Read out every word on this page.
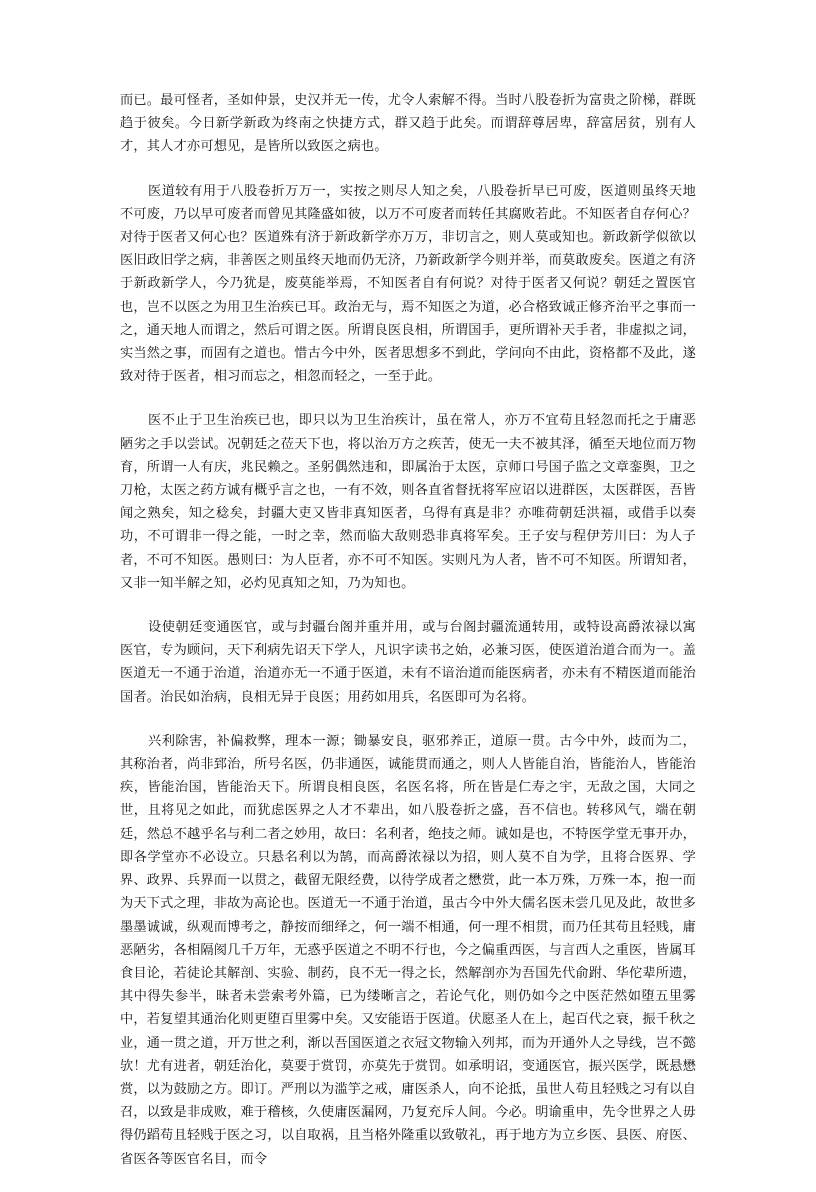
而已。最可怪者，圣如仲景，史汉并无一传，尤令人索解不得。当时八股卷折为富贵之阶梯，群既趋于彼矣。今日新学新政为终南之快捷方式，群又趋于此矣。而谓辞尊居卑，辞富居贫，别有人才，其人才亦可想见，是皆所以致医之病也。

医道较有用于八股卷折万万一，实按之则尽人知之矣，八股卷折早已可废，医道则虽终天地不可废，乃以早可废者而曾见其隆盛如彼，以万不可废者而转任其腐败若此。不知医者自存何心？对待于医者又何心也？医道殊有济于新政新学亦万万，非切言之，则人莫或知也。新政新学似欲以医旧政旧学之病，非善医之则虽终天地而仍无济，乃新政新学今则并举，而莫敢废矣。医道之有济于新政新学人，今乃犹是，废莫能举焉，不知医者自有何说？对待于医者又何说？朝廷之置医官也，岂不以医之为用卫生治疾已耳。政治无与，焉不知医之为道，必合格致诚正修齐治平之事而一之，通天地人而谓之，然后可谓之医。所谓良医良相，所谓国手，更所谓补天手者，非虚拟之词，实当然之事，而固有之道也。惜古今中外，医者思想多不到此，学问向不由此，资格都不及此，遂致对待于医者，相习而忘之，相忽而轻之，一至于此。

医不止于卫生治疾已也，即只以为卫生治疾计，虽在常人，亦万不宜苟且轻忽而托之于庸恶陋劣之手以尝试。况朝廷之莅天下也，将以治万方之疾苦，使无一夫不被其泽，循至天地位而万物育，所谓一人有庆，兆民赖之。圣躬偶然违和，即属治于太医，京师口号国子监之文章銮舆，卫之刀枪，太医之药方诚有概乎言之也，一有不效，则各直省督抚将军应诏以进群医，太医群医，吾皆闻之熟矣，知之稔矣，封疆大吏又皆非真知医者，乌得有真是非？亦唯荷朝廷洪福，或借手以奏功，不可谓非一得之能，一时之幸，然而临大敌则恐非真将军矣。王子安与程伊芳川曰：为人子者，不可不知医。愚则曰：为人臣者，亦不可不知医。实则凡为人者，皆不可不知医。所谓知者，又非一知半解之知，必灼见真知之知，乃为知也。

设使朝廷变通医官，或与封疆台阁并重并用，或与台阁封疆流通转用，或特设高爵浓禄以寓医官，专为顾问，天下利病先诏天下学人，凡识字读书之始，必兼习医，使医道治道合而为一。盖医道无一不通于治道，治道亦无一不通于医道，未有不谙治道而能医病者，亦未有不精医道而能治国者。治民如治病，良相无异于良医；用药如用兵，名医即可为名将。

兴利除害，补偏救弊，理本一源；锄暴安良，驱邪养正，道原一贯。古今中外，歧而为二，其称治者，尚非郅治，所号名医，仍非通医，诚能贯而通之，则人人皆能自治，皆能治人，皆能治疾，皆能治国，皆能治天下。所谓良相良医，名医名将，所在皆是仁寿之宇，无敌之国，大同之世，且将见之如此，而犹虑医界之人才不辈出，如八股卷折之盛，吾不信也。转移风气，端在朝廷，然总不越乎名与利二者之妙用，故曰：名利者，绝技之师。诚如是也，不特医学堂无事开办，即各学堂亦不必设立。只悬名利以为鹄，而高爵浓禄以为招，则人莫不自为学，且将合医界、学界、政界、兵界而一以贯之，截留无限经费，以待学成者之懋赏，此一本万殊，万殊一本，抱一而为天下式之理，非故为高论也。医道无一不通于治道，虽古今中外大儒名医未尝几见及此，故世多墨墨诚诚，纵观而博考之，静按而细绎之，何一端不相通，何一理不相贯，而乃任其苟且轻贱，庸恶陋劣，各相隔阂几千万年，无惑乎医道之不明不行也，今之偏重西医，与言西人之重医，皆属耳食目论，若徒论其解剖、实验、制药，良不无一得之长，然解剖亦为吾国先代俞跗、华佗辈所遗，其中得失参半，昧者未尝索考外篇，已为缕晰言之，若论气化，则仍如今之中医茫然如堕五里雾中，若复望其通治化则更堕百里雾中矣。又安能语于医道。伏愿圣人在上，起百代之衰，振千秋之业，通一贯之道，开万世之利，渐以吾国医道之衣冠文物输入列邦，而为开通外人之导线，岂不懿欤！尤有进者，朝廷治化，莫要于赏罚，亦莫先于赏罚。如承明诏，变通医官，振兴医学，既悬懋赏，以为鼓励之方。即订。严刑以为滥竽之戒，庸医杀人，向不论抵，虽世人苟且轻贱之习有以自召，以致是非成败，难于稽核，久使庸医漏网，乃复充斥人间。今必。明谕重申，先令世界之人毋得仍蹈苟且轻贱于医之习，以自取祸，且当格外隆重以致敬礼，再于地方为立乡医、县医、府医、省医各等医官名目，而令
